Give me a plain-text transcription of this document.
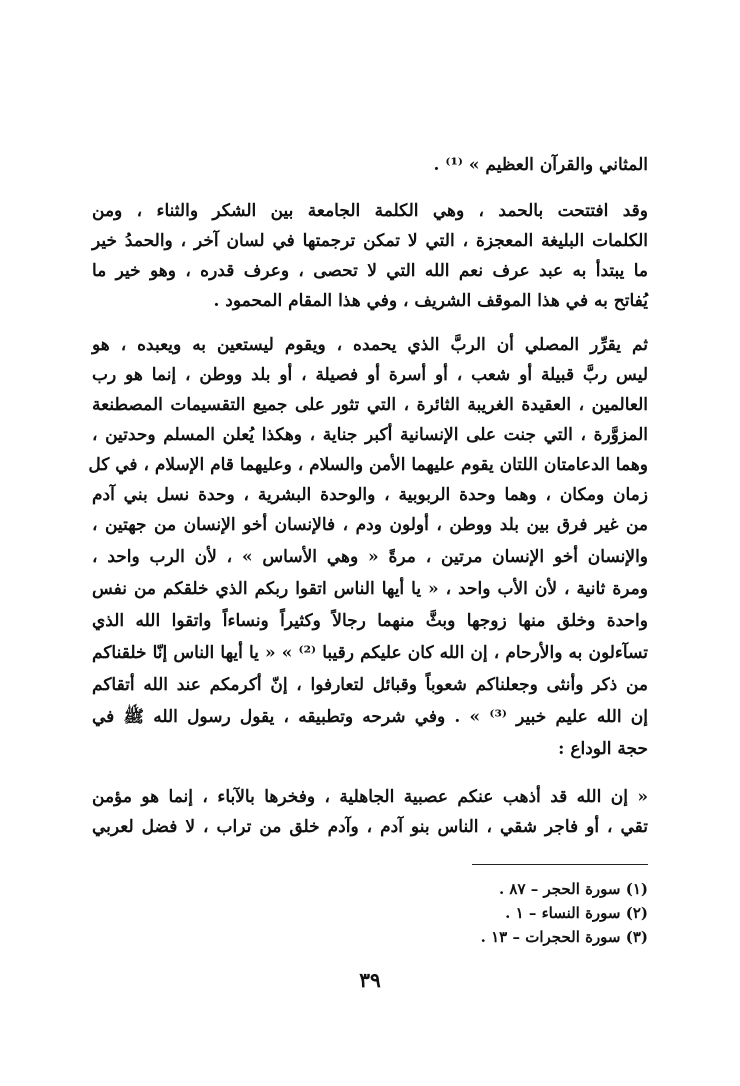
المثاني والقرآن العظيم » ⁽¹⁾ .
وقد افتتحت بالحمد ، وهي الكلمة الجامعة بين الشكر والثناء ، ومن
الكلمات البليغة المعجزة ، التي لا تمكن ترجمتها في لسان آخر ، والحمدُ خير
ما يبتدأ به عبد عرف نعم الله التي لا تحصى ، وعرف قدره ، وهو خير ما
يُفاتح به في هذا الموقف الشريف ، وفي هذا المقام المحمود .
ثم يقرِّر المصلي أن الربَّ الذي يحمده ، ويقوم ليستعين به ويعبده ، هو
ليس ربَّ قبيلة أو شعب ، أو أسرة أو فصيلة ، أو بلد ووطن ، إنما هو رب
العالمين ، العقيدة الغريبة الثائرة ، التي تثور على جميع التقسيمات المصطنعة
المزوَّرة ، التي جنت على الإنسانية أكبر جناية ، وهكذا يُعلن المسلم وحدتين ،
وهما الدعامتان اللتان يقوم عليهما الأمن والسلام ، وعليهما قام الإسلام ، في كل
زمان ومكان ، وهما وحدة الربوبية ، والوحدة البشرية ، وحدة نسل بني آدم
من غير فرق بين بلد ووطن ، أولون ودم ، فالإنسان أخو الإنسان من جهتين ،
والإنسان أخو الإنسان مرتين ، مرةً « وهي الأساس » ، لأن الرب واحد ،
ومرة ثانية ، لأن الأب واحد ، « يا أيها الناس اتقوا ربكم الذي خلقكم من نفس
واحدة وخلق منها زوجها وبثَّ منهما رجالاً وكثيراً ونساءاً واتقوا الله الذي
تسآءلون به والأرحام ، إن الله كان عليكم رقيبا ⁽²⁾ » « يا أيها الناس إنّا خلقناكم
من ذكر وأنثى وجعلناكم شعوباً وقبائل لتعارفوا ، إنّ أكرمكم عند الله أتقاكم
إن الله عليم خبير ⁽³⁾ » . وفي شرحه وتطبيقه ، يقول رسول الله ﷺ في
حجة الوداع :
« إن الله قد أذهب عنكم عصبية الجاهلية ، وفخرها بالآباء ، إنما هو مؤمن
تقي ، أو فاجر شقي ، الناس بنو آدم ، وآدم خلق من تراب ، لا فضل لعربي
(١) سورة الحجر – ٨٧ .
(٢) سورة النساء – ١ .
(٣) سورة الحجرات – ١٣ .
٣٩
